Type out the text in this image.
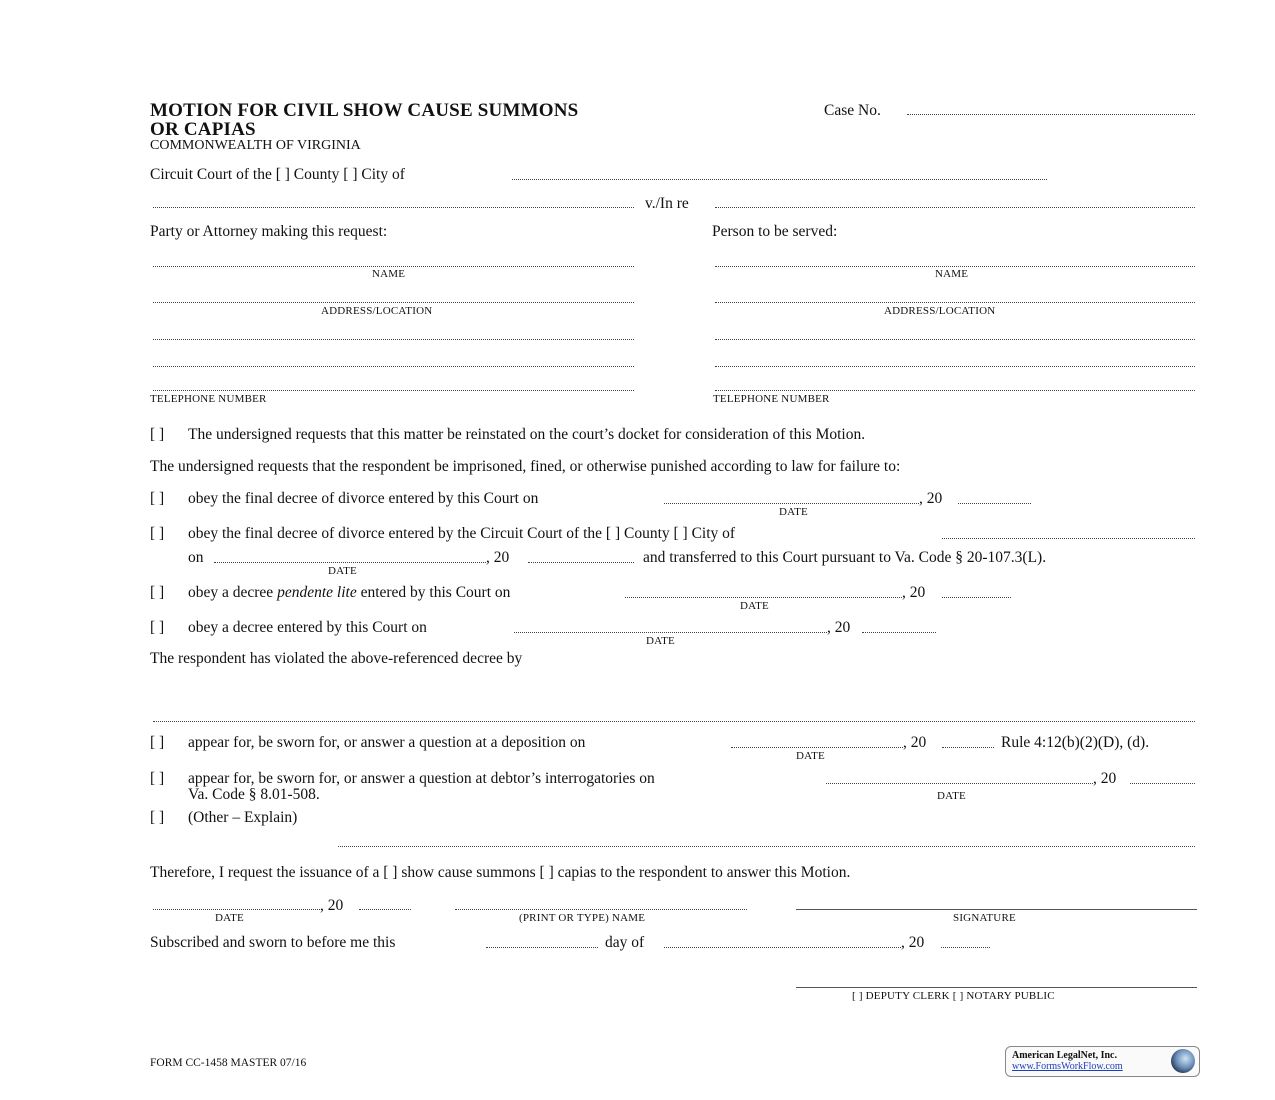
MOTION FOR CIVIL SHOW CAUSE SUMMONS
OR CAPIAS
COMMONWEALTH OF VIRGINIA
Case No.
Circuit Court of the [ ] County [ ] City of
v./In re
Party or Attorney making this request:
NAME
ADDRESS/LOCATION
TELEPHONE NUMBER
Person to be served:
NAME
ADDRESS/LOCATION
TELEPHONE NUMBER
[ ] The undersigned requests that this matter be reinstated on the court’s docket for consideration of this Motion.
The undersigned requests that the respondent be imprisoned, fined, or otherwise punished according to law for failure to:
[ ] obey the final decree of divorce entered by this Court on	, 20
DATE
[ ] obey the final decree of divorce entered by the Circuit Court of the [ ] County [ ] City of
on	, 20	and transferred to this Court pursuant to Va. Code § 20-107.3(L).
DATE
[ ] obey a decree pendente lite entered by this Court on	, 20
DATE
[ ] obey a decree entered by this Court on	, 20
DATE
The respondent has violated the above-referenced decree by
[ ] appear for, be sworn for, or answer a question at a deposition on	, 20	Rule 4:12(b)(2)(D), (d).
DATE
[ ] appear for, be sworn for, or answer a question at debtor’s interrogatories on	, 20
Va. Code § 8.01-508.	DATE
[ ] (Other – Explain)
Therefore, I request the issuance of a [ ] show cause summons [ ] capias to the respondent to answer this Motion.
, 20
DATE	(PRINT OR TYPE) NAME	SIGNATURE
Subscribed and sworn to before me this	day of	, 20
[ ] DEPUTY CLERK [ ] NOTARY PUBLIC
FORM CC-1458 MASTER 07/16
American LegalNet, Inc.
www.FormsWorkFlow.com
